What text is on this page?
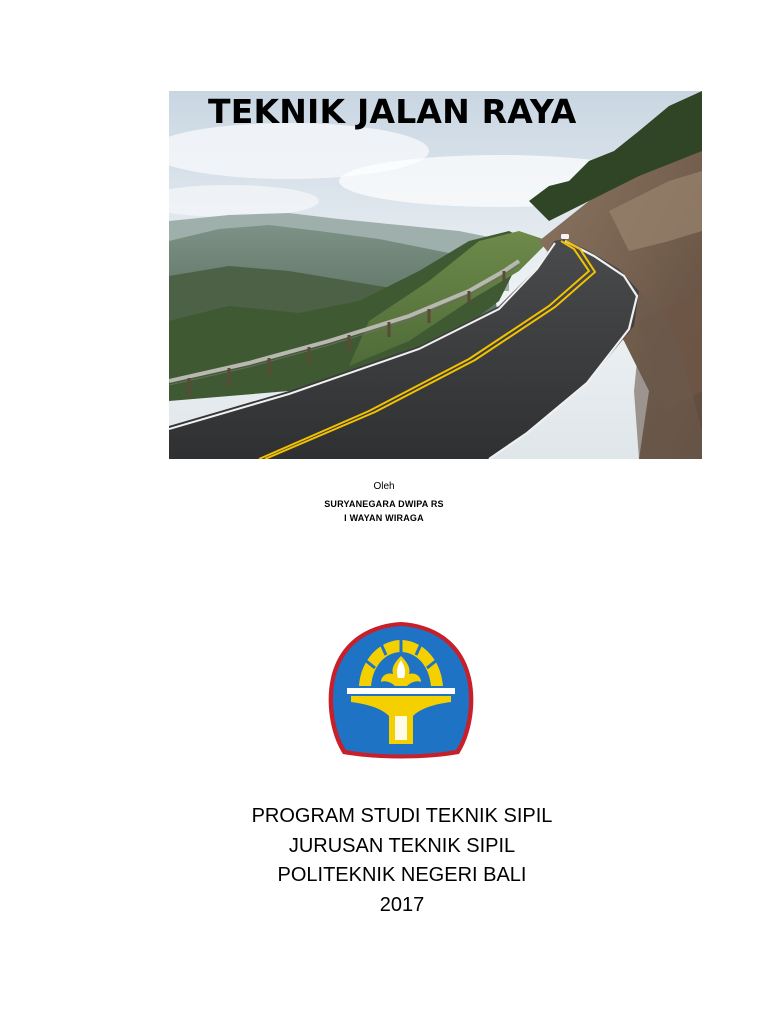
TEKNIK JALAN RAYA
Oleh
SURYANEGARA DWIPA RS
I WAYAN WIRAGA
PROGRAM STUDI TEKNIK SIPIL
JURUSAN TEKNIK SIPIL
POLITEKNIK NEGERI BALI
2017
